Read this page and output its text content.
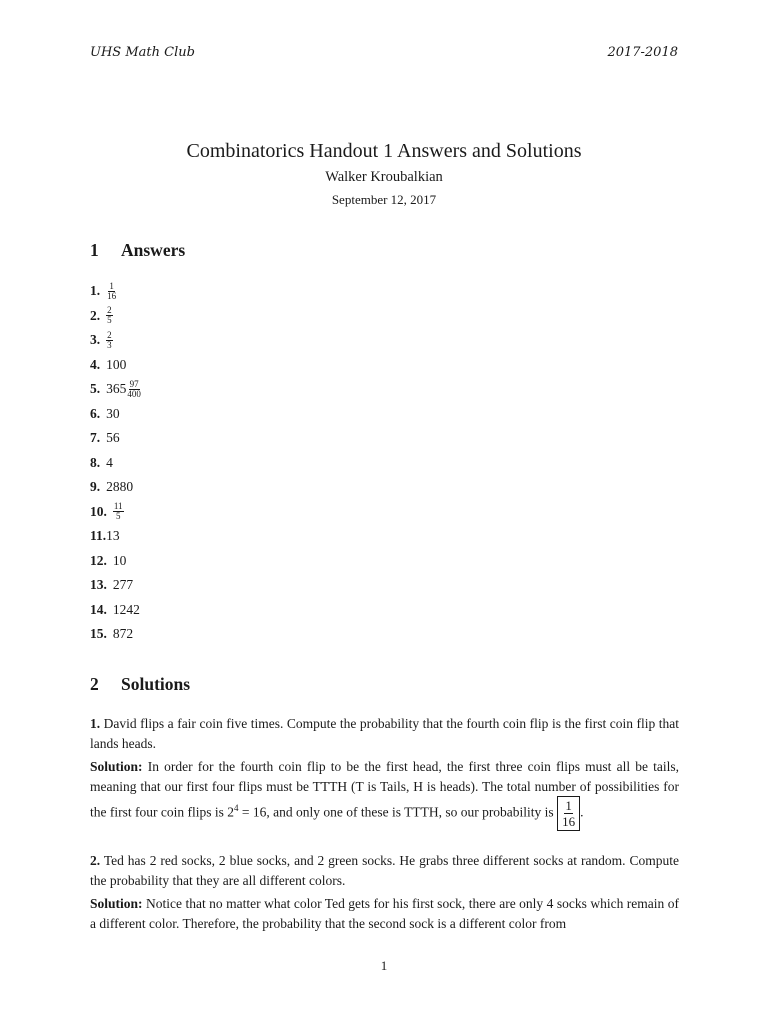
UHS Math Club	2017-2018
Combinatorics Handout 1 Answers and Solutions
Walker Kroubalkian
September 12, 2017
1 Answers
1. $\frac{1}{16}$
2. $\frac{2}{5}$
3. $\frac{2}{3}$
4. 100
5. $365 \frac{97}{400}$
6. 30
7. 56
8. 4
9. 2880
10. $\frac{11}{5}$
11. 13
12. 10
13. 277
14. 1242
15. 872
2 Solutions

1. David flips a fair coin five times. Compute the probability that the fourth coin flip is the first coin flip that lands heads.

Solution: In order for the fourth coin flip to be the first head, the first three coin flips must all be tails, meaning that our first four flips must be TTTH (T is Tails, H is heads). The total number of possibilities for the first four coin flips is $2^4 = 16$, and only one of these is TTTH, so our probability is $\frac{1}{16}$ .

2. Ted has 2 red socks, 2 blue socks, and 2 green socks. He grabs three different socks at random. Compute the probability that they are all different colors.

Solution: Notice that no matter what color Ted gets for his first sock, there are only 4 socks which remain of a different color. Therefore, the probability that the second sock is a different color from

1
